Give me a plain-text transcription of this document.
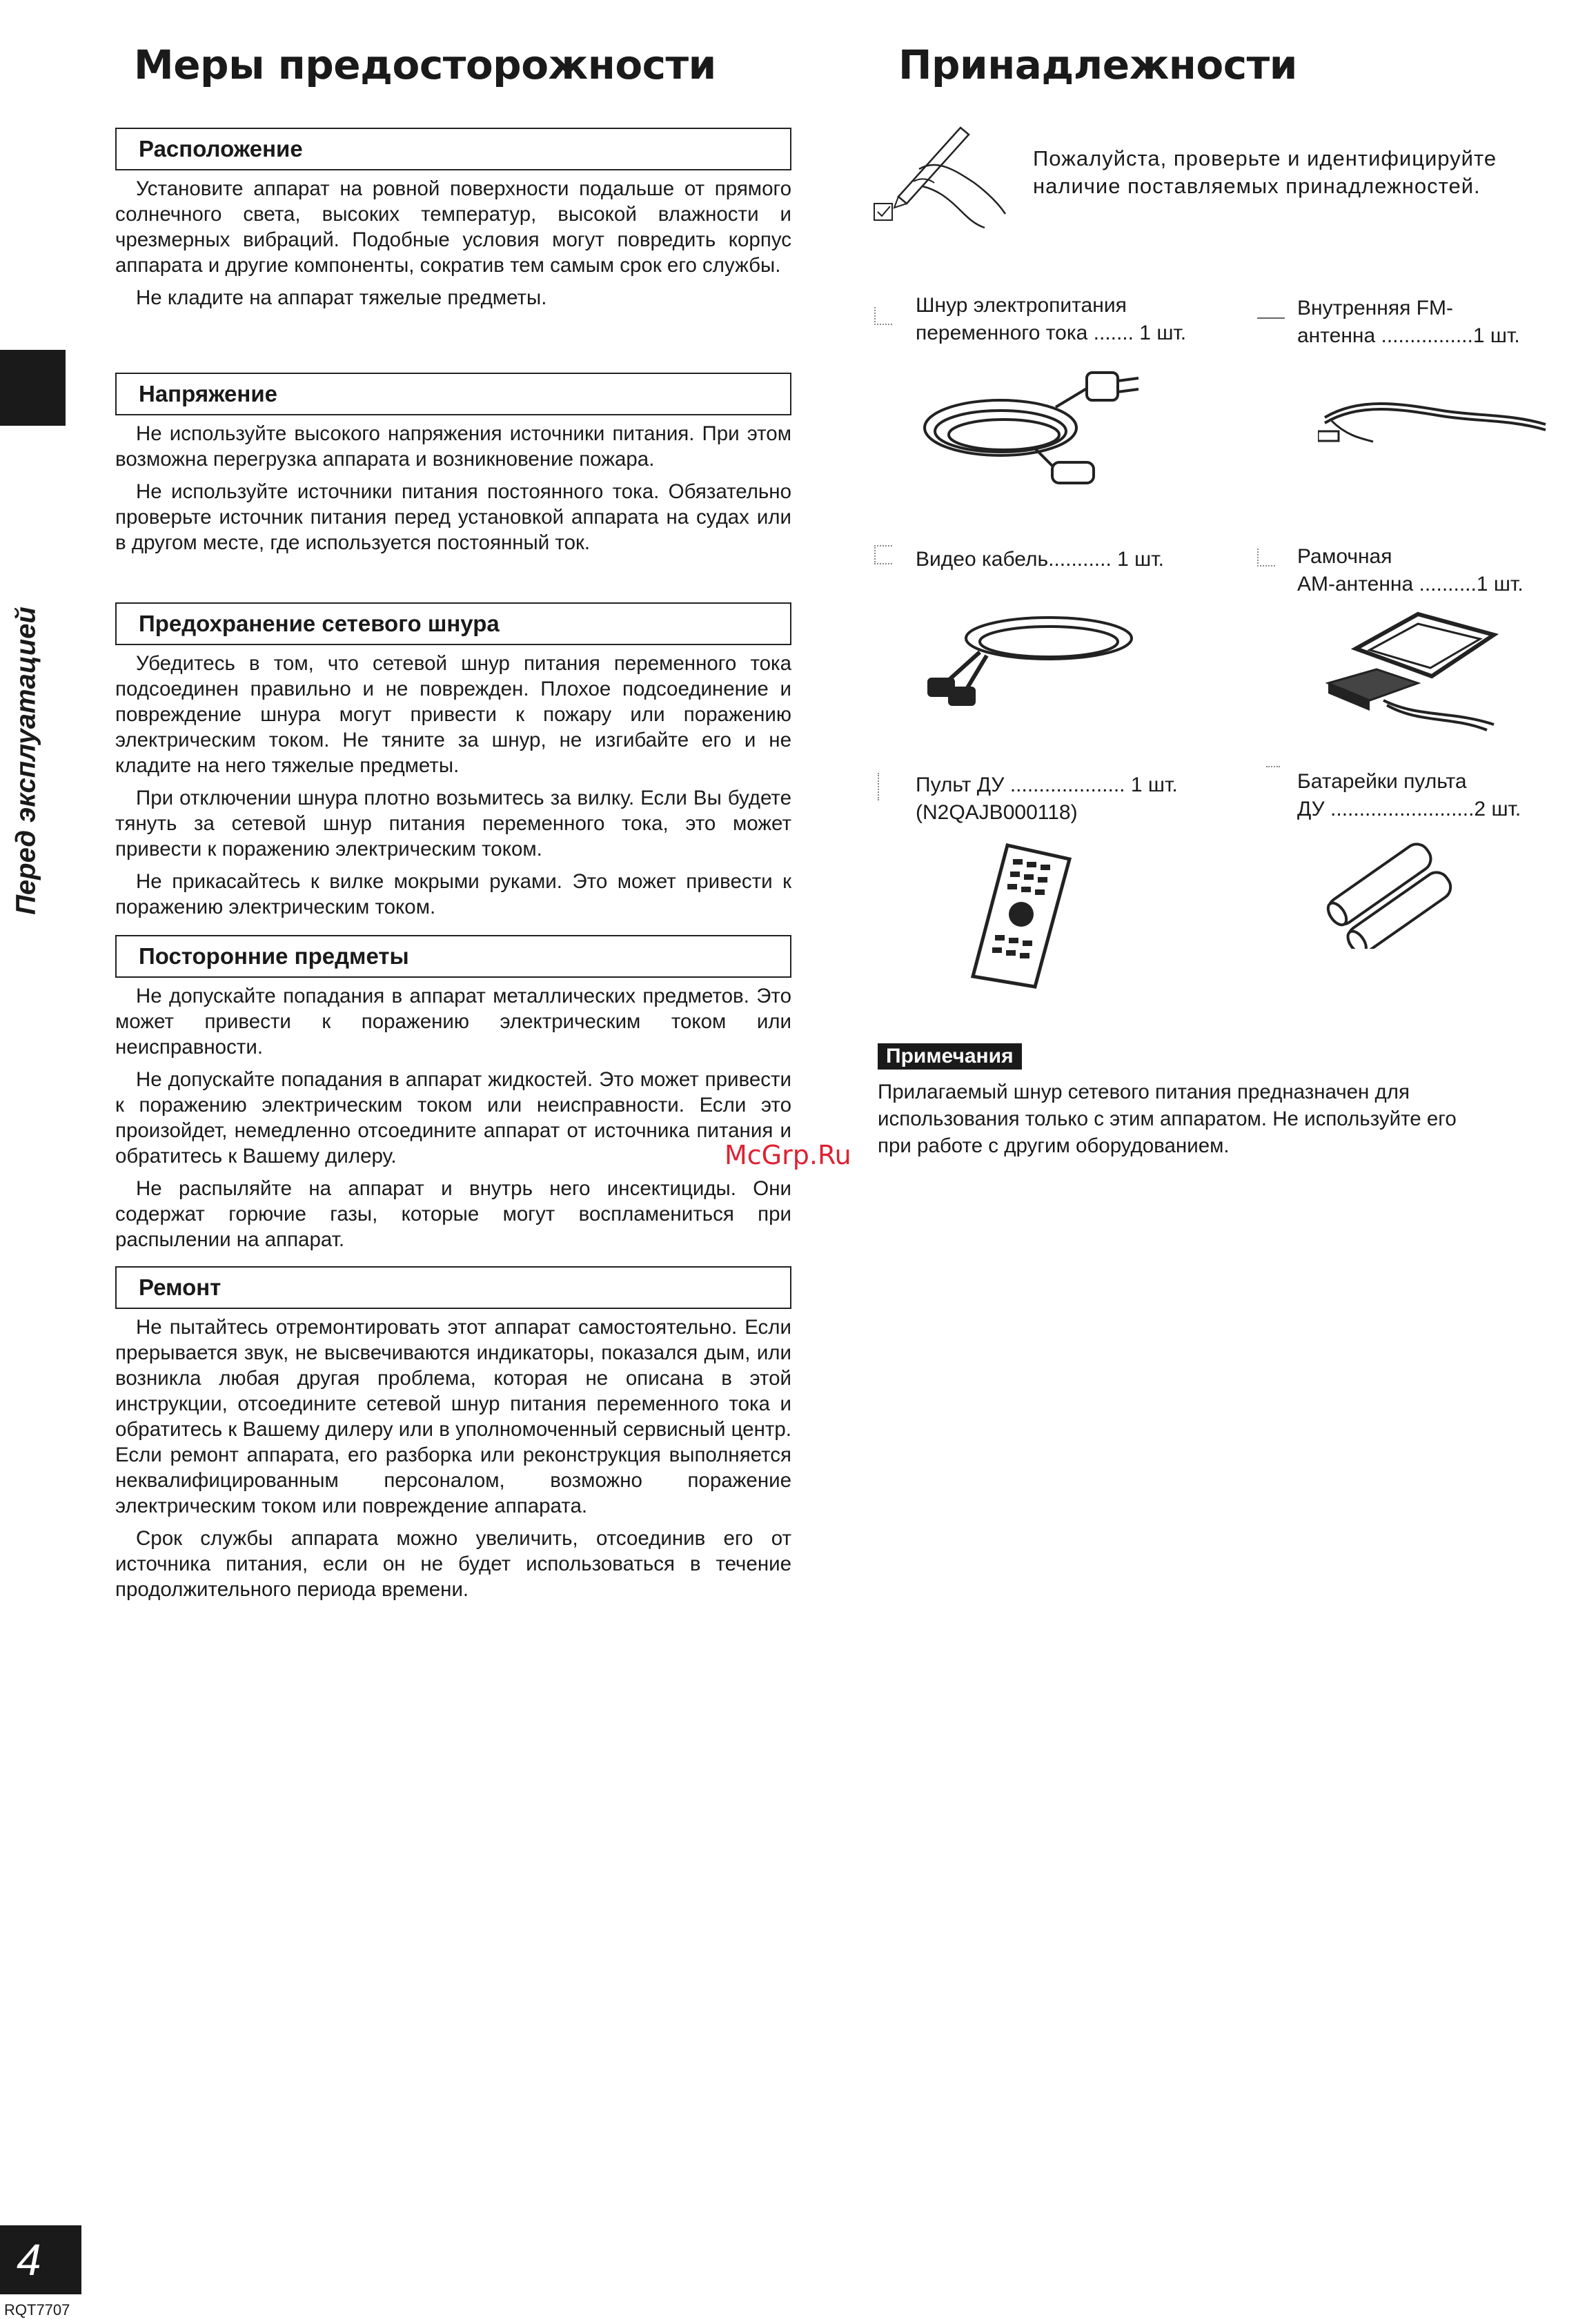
Меры предосторожности
Перед эксплуатацией
Расположение

Установите аппарат на ровной поверхности подальше от прямого солнечного света, высоких температур, высокой влажности и чрезмерных вибраций. Подобные условия могут повредить корпус аппарата и другие компоненты, сократив тем самым срок его службы.

Не кладите на аппарат тяжелые предметы.

Напряжение

Не используйте высокого напряжения источники питания. При этом возможна перегрузка аппарата и возникновение пожара.

Не используйте источники питания постоянного тока. Обязательно проверьте источник питания перед установкой аппарата на судах или в другом месте, где используется постоянный ток.

Предохранение сетевого шнура

Убедитесь в том, что сетевой шнур питания переменного тока подсоединен правильно и не поврежден. Плохое подсоединение и повреждение шнура могут привести к пожару или поражению электрическим током. Не тяните за шнур, не изгибайте его и не кладите на него тяжелые предметы.

При отключении шнура плотно возьмитесь за вилку. Если Вы будете тянуть за сетевой шнур питания переменного тока, это может привести к поражению электрическим током.

Не прикасайтесь к вилке мокрыми руками. Это может привести к поражению электрическим током.

Посторонние предметы

Не допускайте попадания в аппарат металлических предметов. Это может привести к поражению электрическим током или неисправности.

Не допускайте попадания в аппарат жидкостей. Это может привести к поражению электрическим током или неисправности. Если это произойдет, немедленно отсоедините аппарат от источника питания и обратитесь к Вашему дилеру.

Не распыляйте на аппарат и внутрь него инсектициды. Они содержат горючие газы, которые могут воспламениться при распылении на аппарат.

Ремонт

Не пытайтесь отремонтировать этот аппарат самостоятельно. Если прерывается звук, не высвечиваются индикаторы, показался дым, или возникла любая другая проблема, которая не описана в этой инструкции, отсоедините сетевой шнур питания переменного тока и обратитесь к Вашему дилеру или в уполномоченный сервисный центр. Если ремонт аппарата, его разборка или реконструкция выполняется неквалифицированным персоналом, возможно поражение электрическим током или повреждение аппарата.

Срок службы аппарата можно увеличить, отсоединив его от источника питания, если он не будет использоваться в течение продолжительного периода времени.

McGrp.Ru
Принадлежности
Пожалуйста, проверьте и идентифицируйте наличие поставляемых принадлежностей.
Шнур электропитания
переменного тока ....... 1 шт.
Внутренняя FM-
антенна ................1 шт.
Видео кабель........... 1 шт.	Рамочная
АМ-антенна ..........1 шт.
Пульт ДУ .................... 1 шт.
(N2QAJB000118)
Батарейки пульта
ДУ .........................2 шт.
Примечания
Прилагаемый шнур сетевого питания предназначен для использования только с этим аппаратом. Не используйте его при работе с другим оборудованием.
4
RQT7707
